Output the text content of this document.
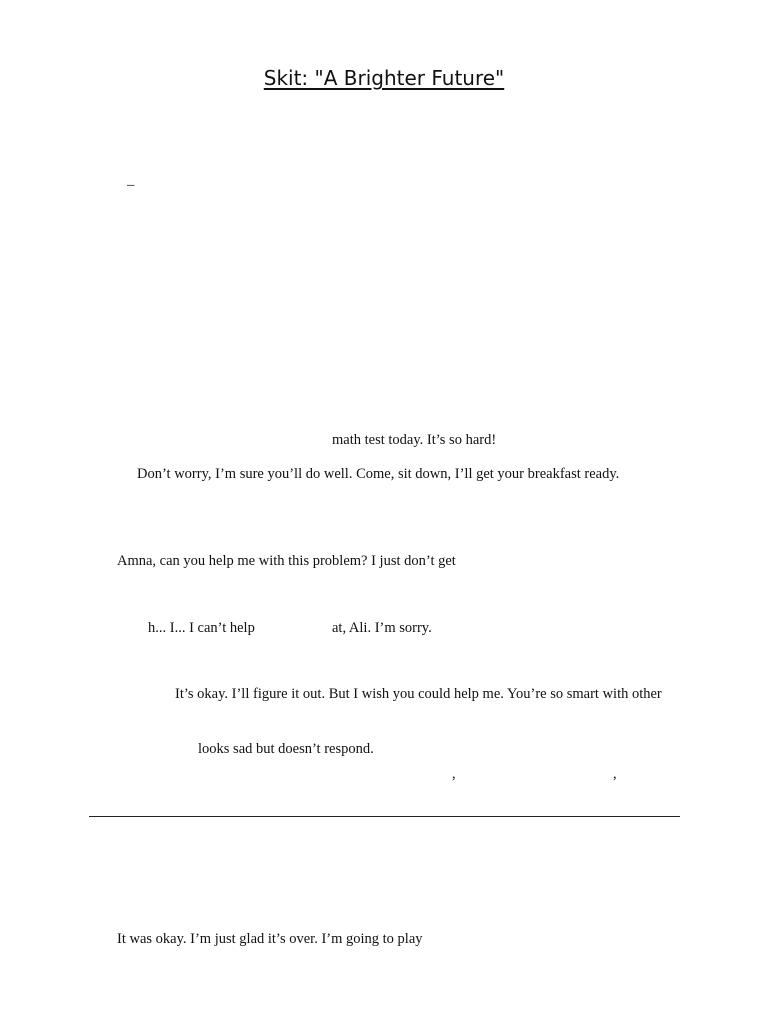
Skit: "A Brighter Future"
–
math test today. It’s so hard!
Don’t worry, I’m sure you’ll do well. Come, sit down, I’ll get your breakfast ready.
Amna, can you help me with this problem? I just don’t get
h... I... I can’t help	at, Ali. I’m sorry.
It’s okay. I’ll figure it out. But I wish you could help me. You’re so smart with other
looks sad but doesn’t respond.
,	,
It was okay. I’m just glad it’s over. I’m going to play
